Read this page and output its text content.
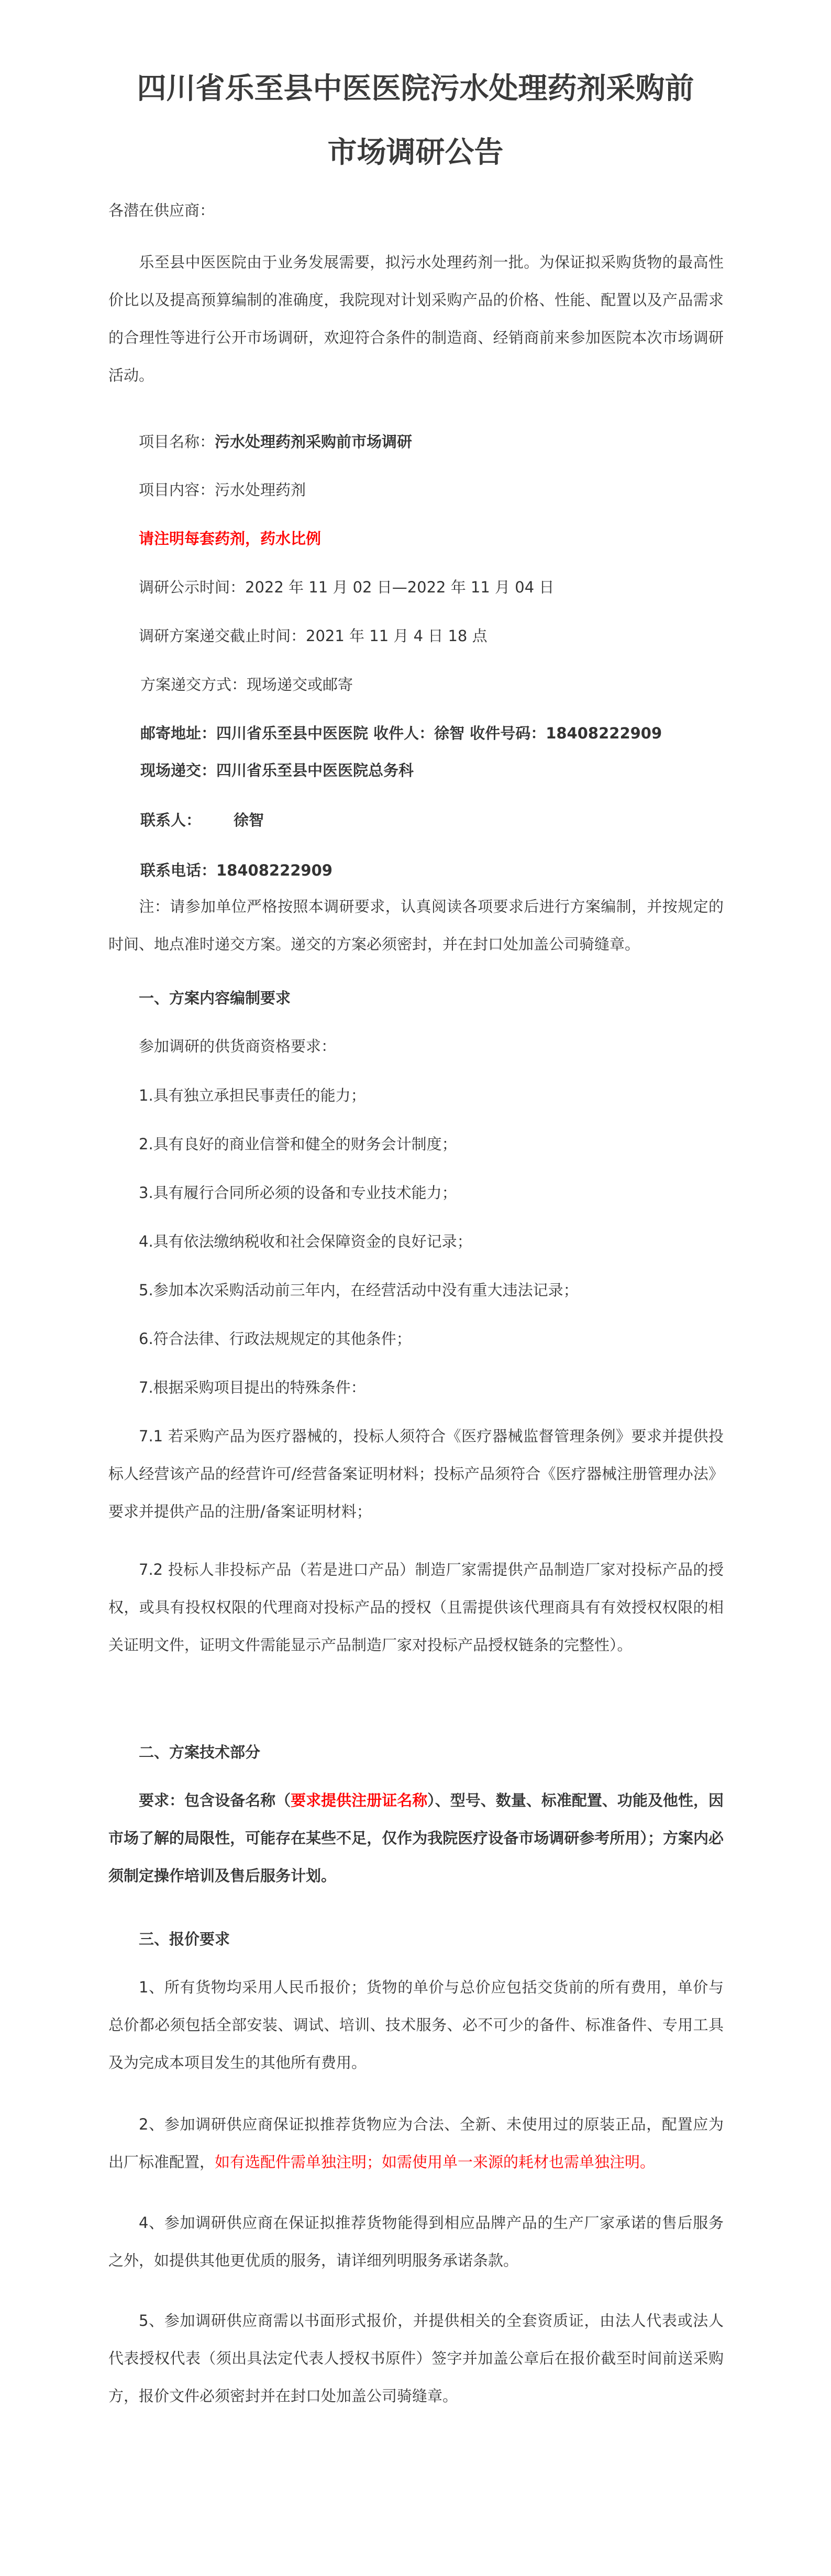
四川省乐至县中医医院污水处理药剂采购前
市场调研公告
各潜在供应商：
乐至县中医医院由于业务发展需要，拟污水处理药剂一批。为保证拟采购货物的最高性价比以及提高预算编制的准确度，我院现对计划采购产品的价格、性能、配置以及产品需求的合理性等进行公开市场调研，欢迎符合条件的制造商、经销商前来参加医院本次市场调研活动。
项目名称：污水处理药剂采购前市场调研
项目内容：污水处理药剂
请注明每套药剂，药水比例
调研公示时间：2022 年 11 月 02 日—2022 年 11 月 04 日
调研方案递交截止时间：2021 年 11 月 4 日 18 点
方案递交方式：现场递交或邮寄
邮寄地址：四川省乐至县中医医院 收件人：徐智 收件号码：18408222909
现场递交：四川省乐至县中医医院总务科
联系人： 徐智
联系电话：18408222909
注：请参加单位严格按照本调研要求，认真阅读各项要求后进行方案编制，并按规定的时间、地点准时递交方案。递交的方案必须密封，并在封口处加盖公司骑缝章。
一、方案内容编制要求
参加调研的供货商资格要求：
1.具有独立承担民事责任的能力；
2.具有良好的商业信誉和健全的财务会计制度；
3.具有履行合同所必须的设备和专业技术能力；
4.具有依法缴纳税收和社会保障资金的良好记录；
5.参加本次采购活动前三年内，在经营活动中没有重大违法记录；
6.符合法律、行政法规规定的其他条件；
7.根据采购项目提出的特殊条件：
7.1 若采购产品为医疗器械的，投标人须符合《医疗器械监督管理条例》要求并提供投标人经营该产品的经营许可/经营备案证明材料；投标产品须符合《医疗器械注册管理办法》要求并提供产品的注册/备案证明材料；
7.2 投标人非投标产品（若是进口产品）制造厂家需提供产品制造厂家对投标产品的授权，或具有投权权限的代理商对投标产品的授权（且需提供该代理商具有有效授权权限的相关证明文件，证明文件需能显示产品制造厂家对投标产品授权链条的完整性）。
二、方案技术部分
要求：包含设备名称（要求提供注册证名称）、型号、数量、标准配置、功能及他性，因市场了解的局限性，可能存在某些不足，仅作为我院医疗设备市场调研参考所用）；方案内必须制定操作培训及售后服务计划。
三、报价要求
1、所有货物均采用人民币报价；货物的单价与总价应包括交货前的所有费用，单价与总价都必须包括全部安装、调试、培训、技术服务、必不可少的备件、标准备件、专用工具及为完成本项目发生的其他所有费用。
2、参加调研供应商保证拟推荐货物应为合法、全新、未使用过的原装正品，配置应为出厂标准配置，如有选配件需单独注明；如需使用单一来源的耗材也需单独注明。
4、参加调研供应商在保证拟推荐货物能得到相应品牌产品的生产厂家承诺的售后服务之外，如提供其他更优质的服务，请详细列明服务承诺条款。
5、参加调研供应商需以书面形式报价，并提供相关的全套资质证，由法人代表或法人代表授权代表（须出具法定代表人授权书原件）签字并加盖公章后在报价截至时间前送采购方，报价文件必须密封并在封口处加盖公司骑缝章。
